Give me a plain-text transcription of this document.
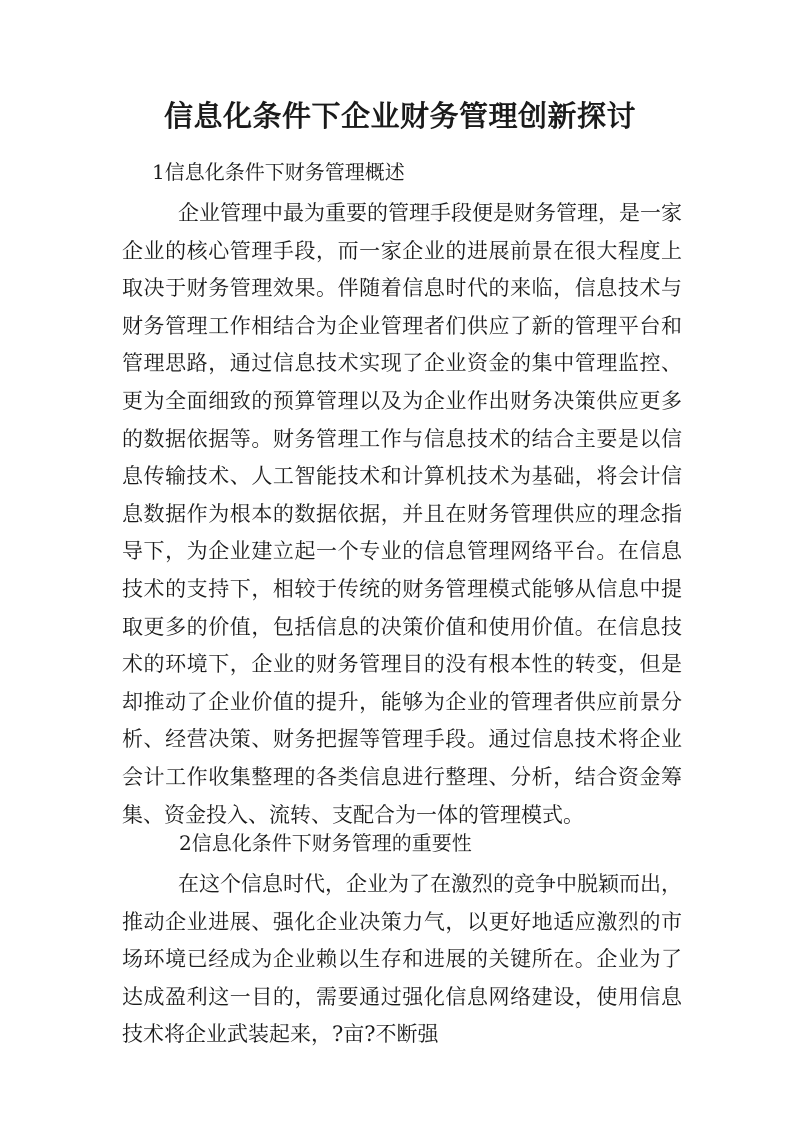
信息化条件下企业财务管理创新探讨
1信息化条件下财务管理概述

企业管理中最为重要的管理手段便是财务管理，是一家企业的核心管理手段，而一家企业的进展前景在很大程度上取决于财务管理效果。伴随着信息时代的来临，信息技术与财务管理工作相结合为企业管理者们供应了新的管理平台和管理思路，通过信息技术实现了企业资金的集中管理监控、更为全面细致的预算管理以及为企业作出财务决策供应更多的数据依据等。财务管理工作与信息技术的结合主要是以信息传输技术、人工智能技术和计算机技术为基础，将会计信息数据作为根本的数据依据，并且在财务管理供应的理念指导下，为企业建立起一个专业的信息管理网络平台。在信息技术的支持下，相较于传统的财务管理模式能够从信息中提取更多的价值，包括信息的决策价值和使用价值。在信息技术的环境下，企业的财务管理目的没有根本性的转变，但是却推动了企业价值的提升，能够为企业的管理者供应前景分析、经营决策、财务把握等管理手段。通过信息技术将企业会计工作收集整理的各类信息进行整理、分析，结合资金筹集、资金投入、流转、支配合为一体的管理模式。

2信息化条件下财务管理的重要性

在这个信息时代，企业为了在激烈的竞争中脱颖而出，推动企业进展、强化企业决策力气，以更好地适应激烈的市场环境已经成为企业赖以生存和进展的关键所在。企业为了达成盈利这一目的，需要通过强化信息网络建设，使用信息技术将企业武装起来，?亩?不断强
